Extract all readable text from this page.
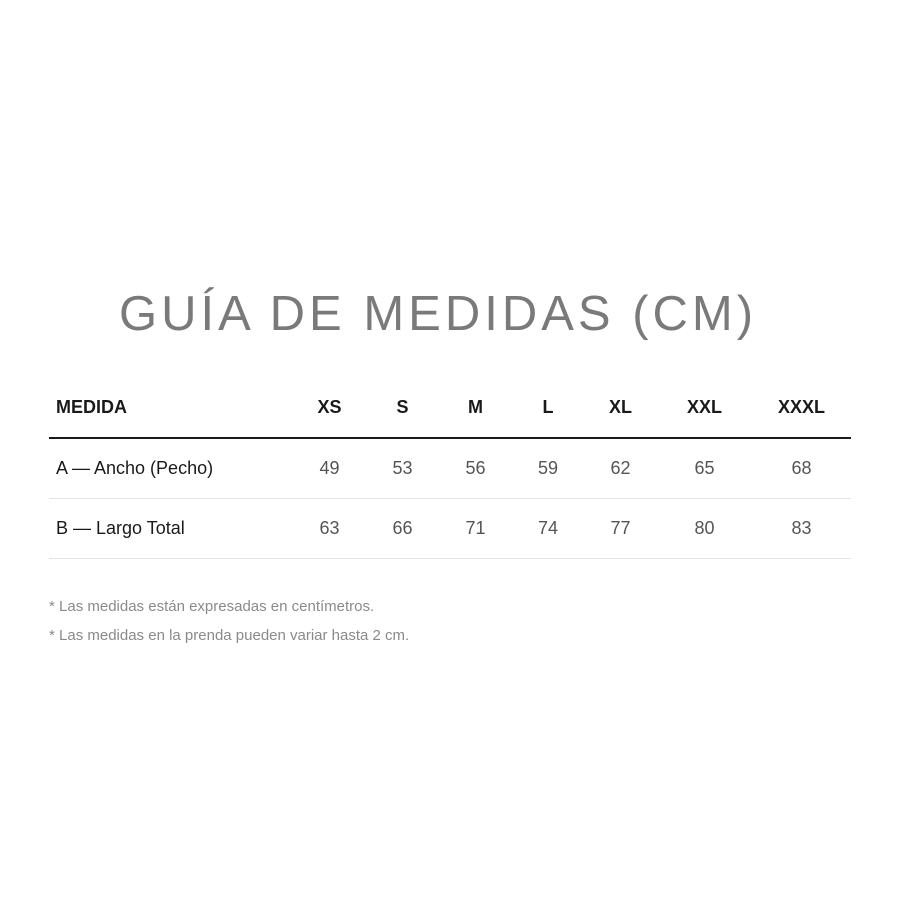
GUÍA DE MEDIDAS (CM)
MEDIDA	XS	S	M	L	XL	XXL	XXXL
A — Ancho (Pecho)	49	53	56	59	62	65	68
B — Largo Total	63	66	71	74	77	80	83
* Las medidas están expresadas en centímetros.
* Las medidas en la prenda pueden variar hasta 2 cm.
